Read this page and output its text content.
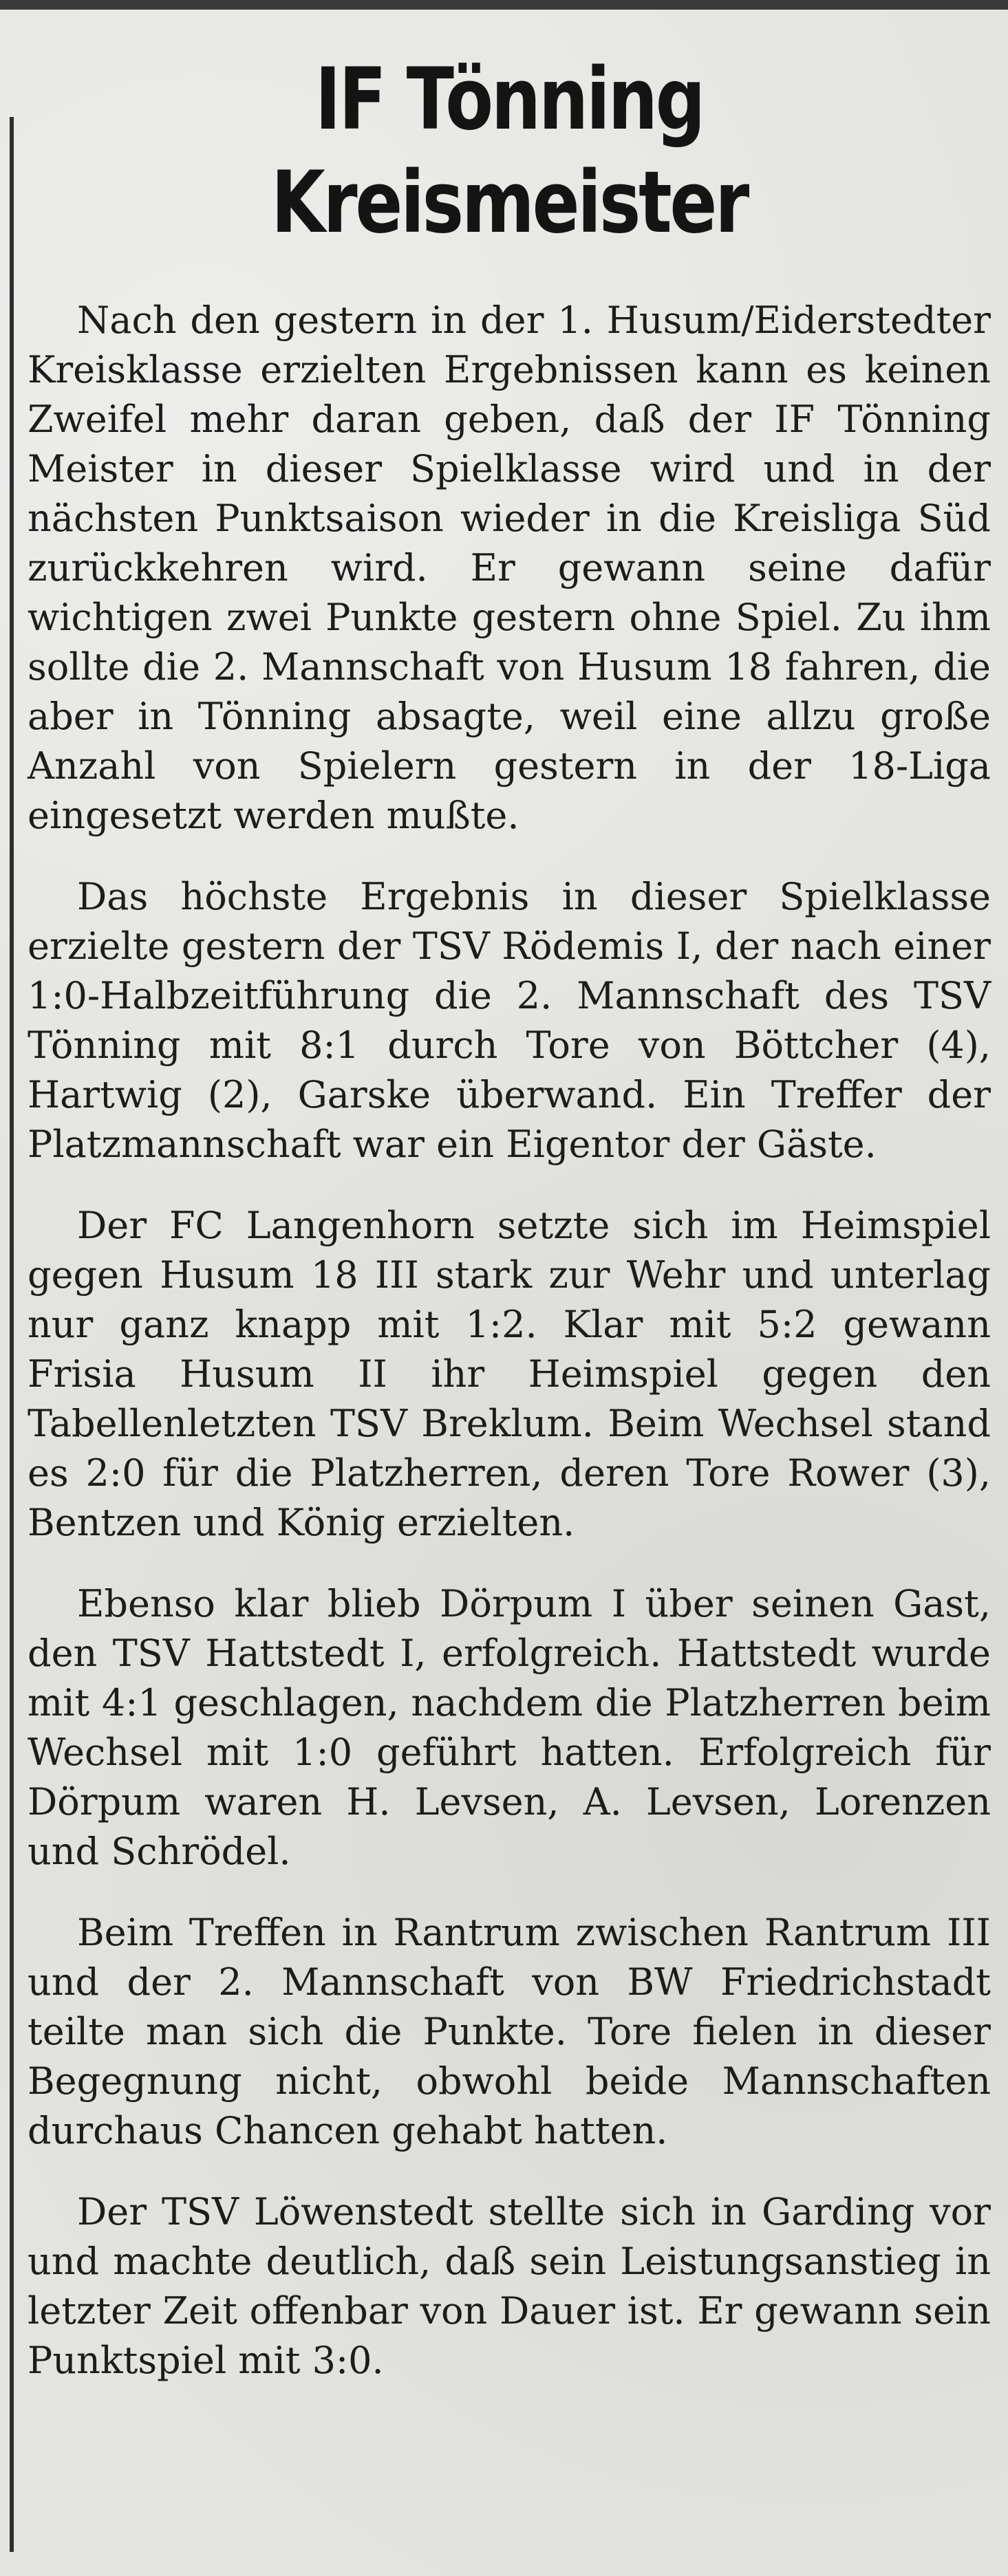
IF Tönning Kreismeister

Nach den gestern in der 1. Husum/Eiderstedter Kreisklasse erzielten Ergebnissen kann es keinen Zweifel mehr daran geben, daß der IF Tönning Meister in dieser Spielklasse wird und in der nächsten Punktsaison wieder in die Kreisliga Süd zurückkehren wird. Er gewann seine dafür wichtigen zwei Punkte gestern ohne Spiel. Zu ihm sollte die 2. Mannschaft von Husum 18 fahren, die aber in Tönning absagte, weil eine allzu große Anzahl von Spielern gestern in der 18-Liga eingesetzt werden mußte.

Das höchste Ergebnis in dieser Spielklasse erzielte gestern der TSV Rödemis I, der nach einer 1:0-Halbzeitführung die 2. Mannschaft des TSV Tönning mit 8:1 durch Tore von Böttcher (4), Hartwig (2), Garske überwand. Ein Treffer der Platzmannschaft war ein Eigentor der Gäste.

Der FC Langenhorn setzte sich im Heimspiel gegen Husum 18 III stark zur Wehr und unterlag nur ganz knapp mit 1:2. Klar mit 5:2 gewann Frisia Husum II ihr Heimspiel gegen den Tabellenletzten TSV Breklum. Beim Wechsel stand es 2:0 für die Platzherren, deren Tore Rower (3), Bentzen und König erzielten.

Ebenso klar blieb Dörpum I über seinen Gast, den TSV Hattstedt I, erfolgreich. Hattstedt wurde mit 4:1 geschlagen, nachdem die Platzherren beim Wechsel mit 1:0 geführt hatten. Erfolgreich für Dörpum waren H. Levsen, A. Levsen, Lorenzen und Schrödel.

Beim Treffen in Rantrum zwischen Rantrum III und der 2. Mannschaft von BW Friedrichstadt teilte man sich die Punkte. Tore fielen in dieser Begegnung nicht, obwohl beide Mannschaften durchaus Chancen gehabt hatten.

Der TSV Löwenstedt stellte sich in Garding vor und machte deutlich, daß sein Leistungsanstieg in letzter Zeit offenbar von Dauer ist. Er gewann sein Punktspiel mit 3:0.
